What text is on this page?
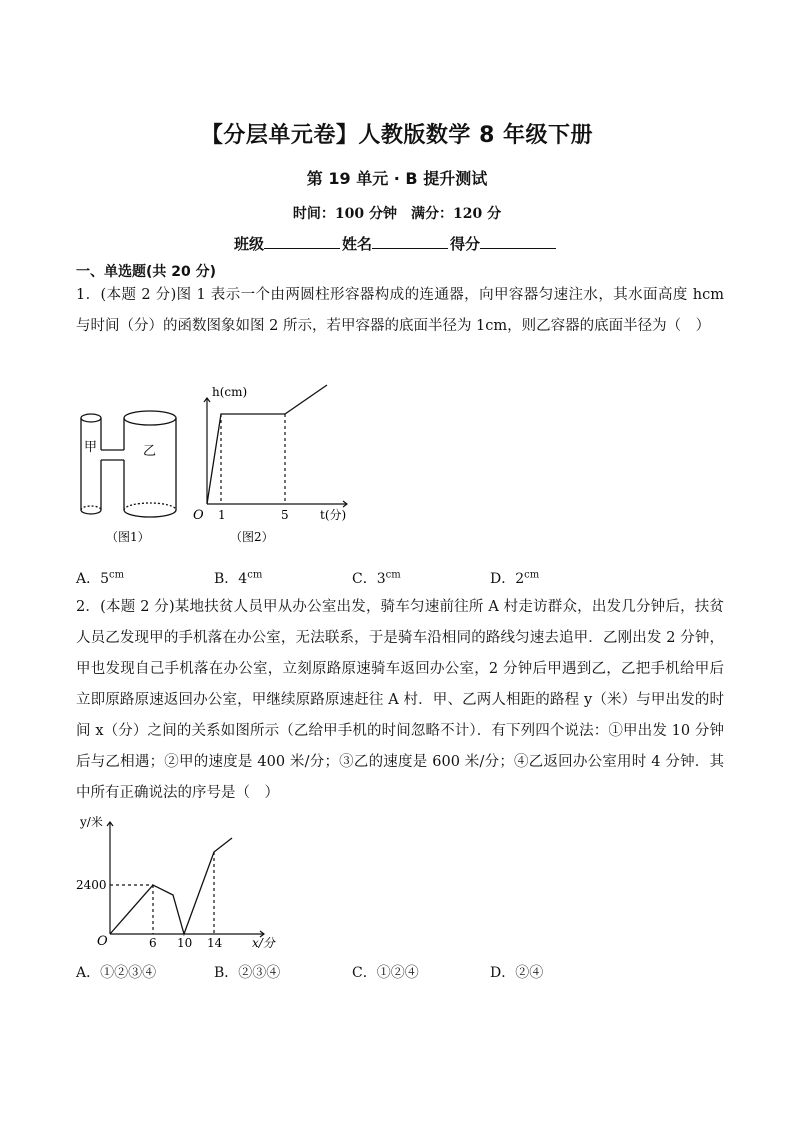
【分层单元卷】人教版数学 8 年级下册
第 19 单元 · B 提升测试
时间：100 分钟 满分：120 分
班级	姓名	得分
一、单选题(共 20 分)
1．(本题 2 分)图 1 表示一个由两圆柱形容器构成的连通器，向甲容器匀速注水，其水面高度 hcm 与时间（分）的函数图象如图 2 所示，若甲容器的底面半径为 1cm，则乙容器的底面半径为（　）
甲	乙
（图1）
h(cm)
O 1	5	t(分)
（图2）
A．$5^{cm}$	B．$4^{cm}$	C．$3^{cm}$	D．$2^{cm}$
2．(本题 2 分)某地扶贫人员甲从办公室出发，骑车匀速前往所 A 村走访群众，出发几分钟后，扶贫人员乙发现甲的手机落在办公室，无法联系，于是骑车沿相同的路线匀速去追甲．乙刚出发 2 分钟，甲也发现自己手机落在办公室，立刻原路原速骑车返回办公室，2 分钟后甲遇到乙，乙把手机给甲后立即原路原速返回办公室，甲继续原路原速赶往 A 村．甲、乙两人相距的路程 y（米）与甲出发的时间 x（分）之间的关系如图所示（乙给甲手机的时间忽略不计）．有下列四个说法：①甲出发 10 分钟后与乙相遇；②甲的速度是 400 米/分；③乙的速度是 600 米/分；④乙返回办公室用时 4 分钟．其中所有正确说法的序号是（　）
y/米
2400
O	6 10 14 x/分
A．①②③④	B．②③④	C．①②④	D．②④
